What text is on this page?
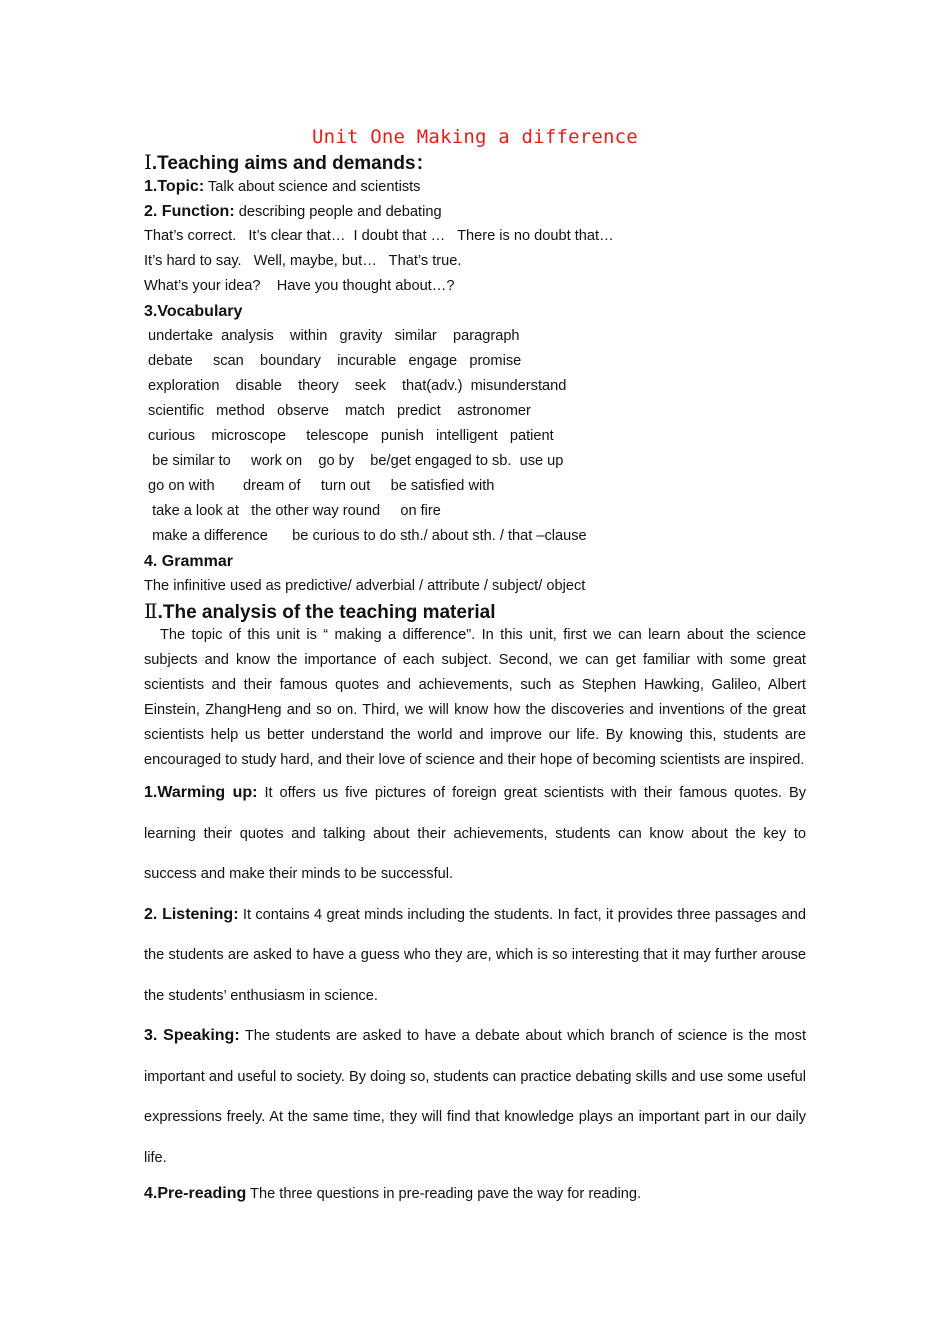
Unit One Making a difference
Ⅰ.Teaching aims and demands：
1.Topic: Talk about science and scientists
2. Function: describing people and debating
That’s correct.   It’s clear that…  I doubt that …   There is no doubt that…
It’s hard to say.   Well, maybe, but…   That’s true.
What’s your idea?    Have you thought about…?
3.Vocabulary
undertake  analysis    within   gravity   similar    paragraph
debate     scan    boundary    incurable   engage   promise
exploration    disable    theory    seek    that(adv.)  misunderstand
scientific   method   observe    match   predict    astronomer
curious    microscope     telescope   punish   intelligent   patient
be similar to     work on    go by    be/get engaged to sb.  use up
go on with       dream of     turn out     be satisfied with
take a look at   the other way round     on fire
make a difference      be curious to do sth./ about sth. / that –clause
4. Grammar
The infinitive used as predictive/ adverbial / attribute / subject/ object
Ⅱ.The analysis of the teaching material

The topic of this unit is “ making a difference”. In this unit, first we can learn about the science subjects and know the importance of each subject. Second, we can get familiar with some great scientists and their famous quotes and achievements, such as Stephen Hawking, Galileo, Albert Einstein, ZhangHeng and so on. Third, we will know how the discoveries and inventions of the great scientists help us better understand the world and improve our life. By knowing this, students are encouraged to study hard, and their love of science and their hope of becoming scientists are inspired.

1.Warming up: It offers us five pictures of foreign great scientists with their famous quotes. By learning their quotes and talking about their achievements, students can know about the key to success and make their minds to be successful.

2. Listening: It contains 4 great minds including the students. In fact, it provides three passages and the students are asked to have a guess who they are, which is so interesting that it may further arouse the students’ enthusiasm in science.

3. Speaking: The students are asked to have a debate about which branch of science is the most important and useful to society. By doing so, students can practice debating skills and use some useful expressions freely. At the same time, they will find that knowledge plays an important part in our daily life.

4.Pre-reading The three questions in pre-reading pave the way for reading.
